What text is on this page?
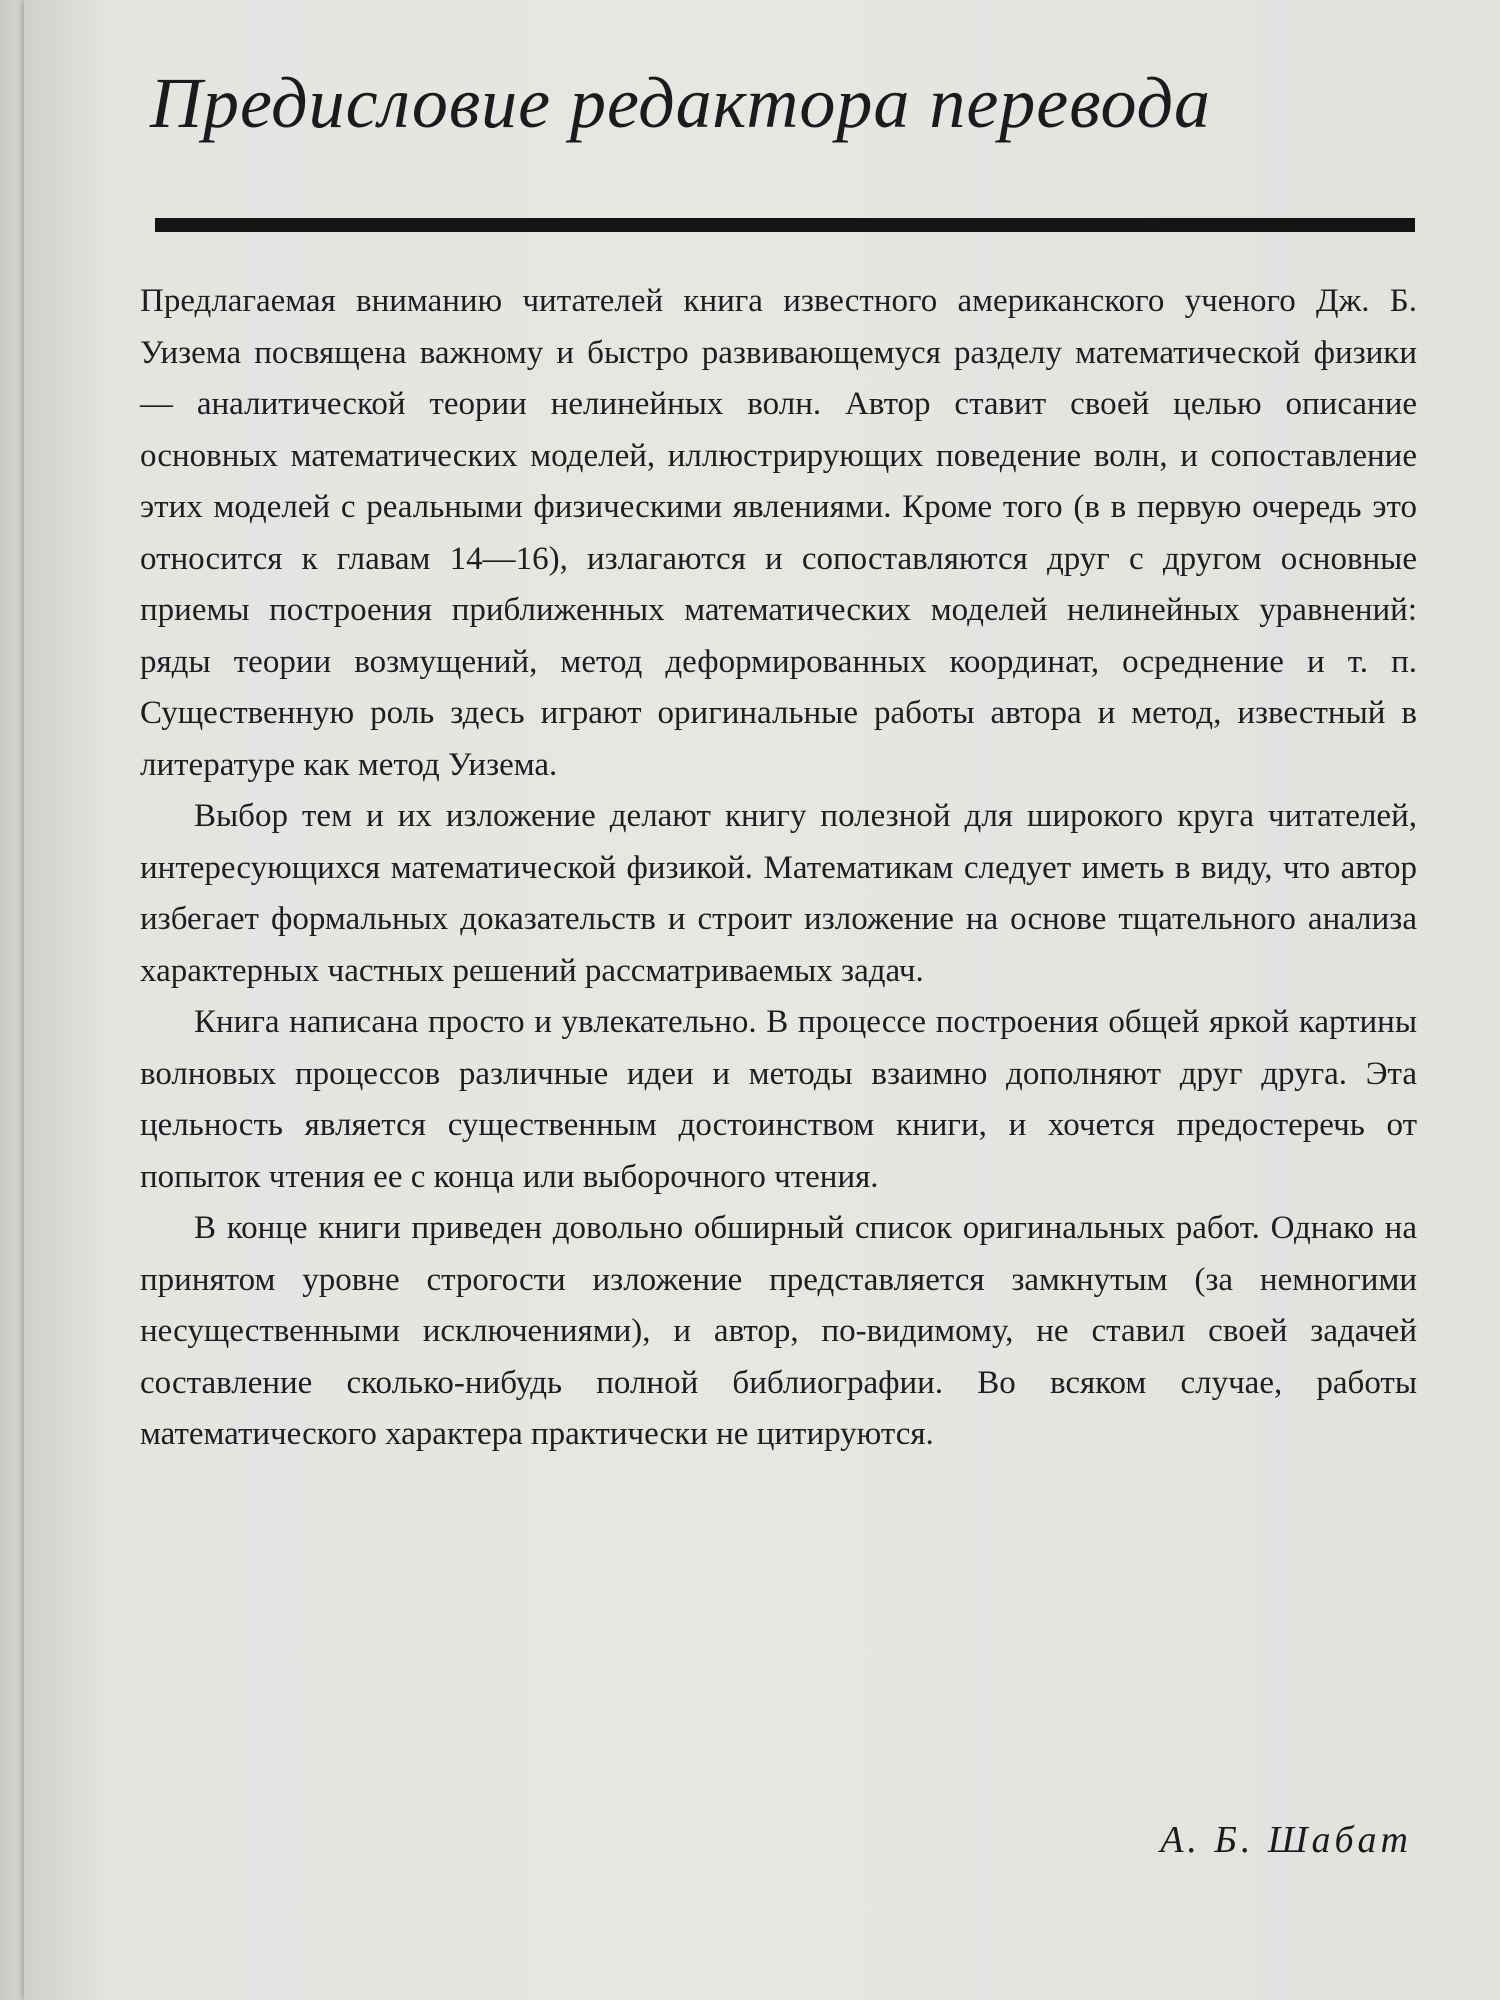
Предисловие редактора перевода

Предлагаемая вниманию читателей книга известного американского ученого Дж. Б. Уизема посвящена важному и быстро развивающемуся разделу математической физики — аналитической теории нелинейных волн. Автор ставит своей целью описание основных математических моделей, иллюстрирующих поведение волн, и сопоставление этих моделей с реальными физическими явлениями. Кроме того (в в первую очередь это относится к главам 14—16), излагаются и сопоставляются друг с другом основные приемы построения приближенных математических моделей нелинейных уравнений: ряды теории возмущений, метод деформированных координат, осреднение и т. п. Существенную роль здесь играют оригинальные работы автора и метод, известный в литературе как метод Уизема.

Выбор тем и их изложение делают книгу полезной для широкого круга читателей, интересующихся математической физикой. Математикам следует иметь в виду, что автор избегает формальных доказательств и строит изложение на основе тщательного анализа характерных частных решений рассматриваемых задач.

Книга написана просто и увлекательно. В процессе построения общей яркой картины волновых процессов различные идеи и методы взаимно дополняют друг друга. Эта цельность является существенным достоинством книги, и хочется предостеречь от попыток чтения ее с конца или выборочного чтения.

В конце книги приведен довольно обширный список оригинальных работ. Однако на принятом уровне строгости изложение представляется замкнутым (за немногими несущественными исключениями), и автор, по-видимому, не ставил своей задачей составление сколько-нибудь полной библиографии. Во всяком случае, работы математического характера практически не цитируются.

А. Б. Шабат
